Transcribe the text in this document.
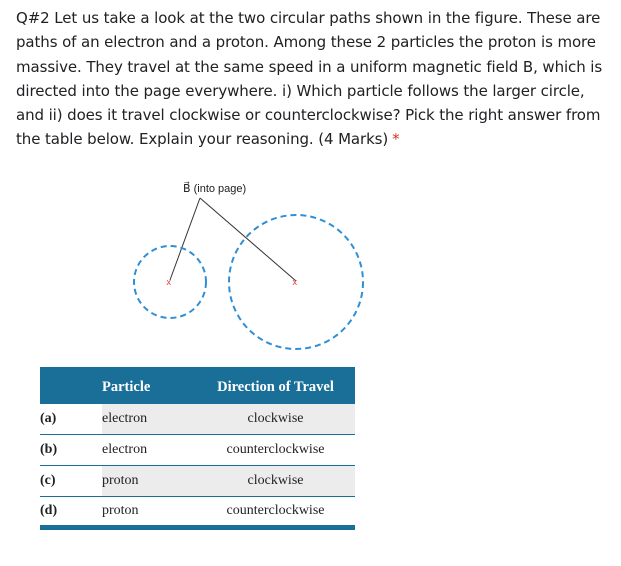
Q#2 Let us take a look at the two circular paths shown in the figure. These are paths of an electron and a proton. Among these 2 particles the proton is more massive. They travel at the same speed in a uniform magnetic field B, which is directed into the page everywhere. i) Which particle follows the larger circle, and ii) does it travel clockwise or counterclockwise? Pick the right answer from the table below. Explain your reasoning. (4 Marks) *

B⃗ (into page)
x	x
	Particle	Direction of Travel
(a)	electron	clockwise
(b)	electron	counterclockwise
(c)	proton	clockwise
(d)	proton	counterclockwise
